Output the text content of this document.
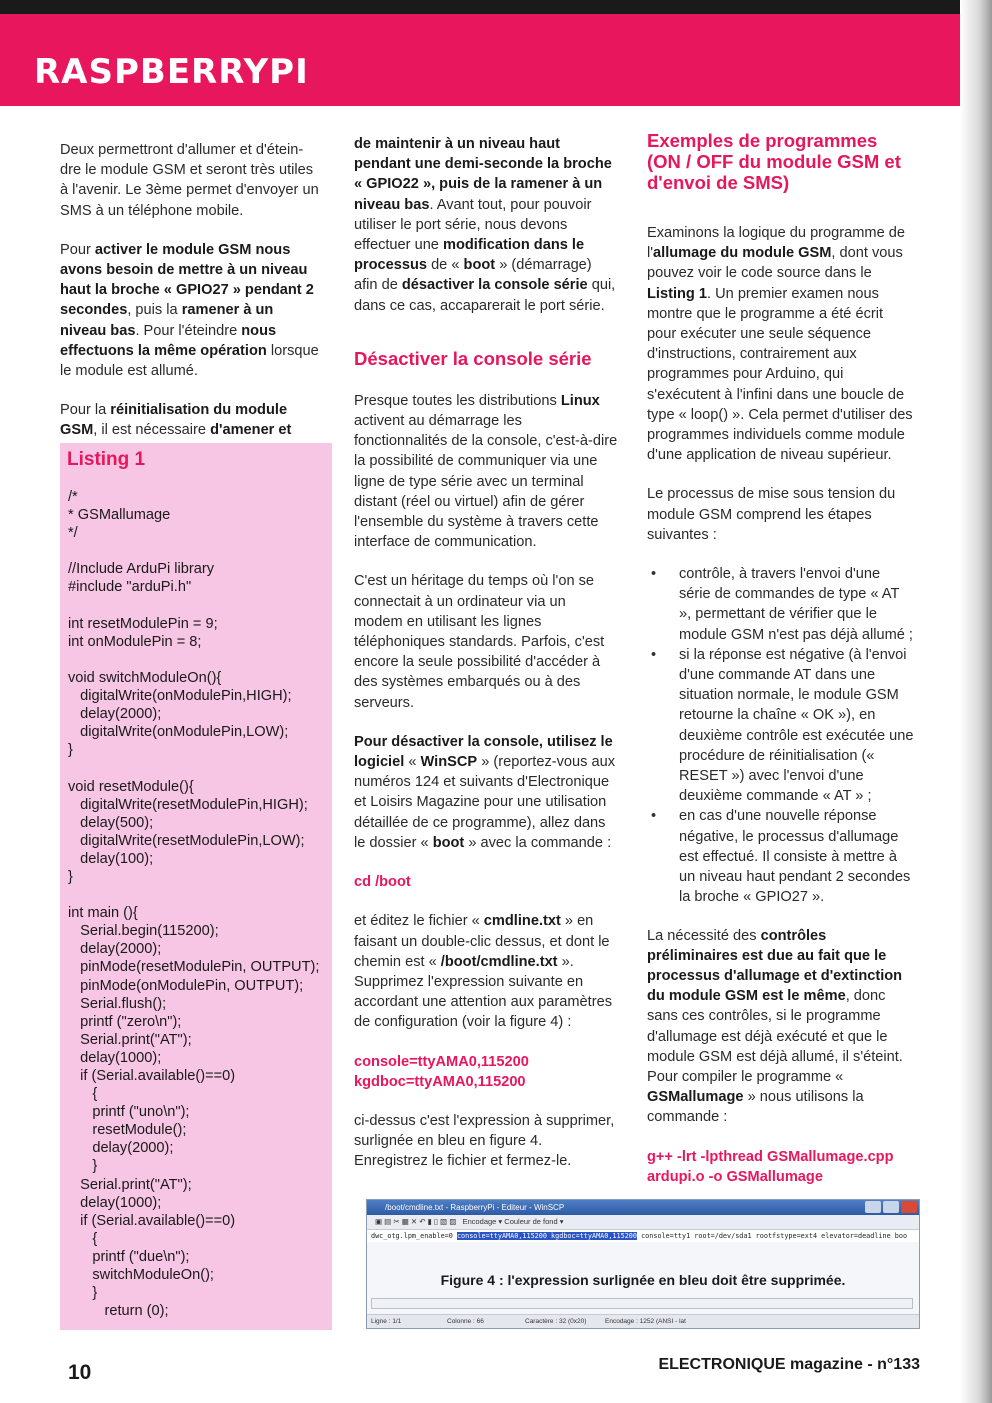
RASPBERRYPI

Deux permettront d'allumer et d'étein-dre le module GSM et seront très utiles à l'avenir. Le 3ème permet d'envoyer un SMS à un téléphone mobile.

Pour activer le module GSM nous avons besoin de mettre à un niveau haut la broche « GPIO27 » pendant 2 secondes, puis la ramener à un niveau bas. Pour l'éteindre nous effectuons la même opération lorsque le module est allumé.

Pour la réinitialisation du module GSM, il est nécessaire d'amener et

Listing 1
/*
* GSMallumage
*/

//Include ArduPi library
#include "arduPi.h"

int resetModulePin = 9;
int onModulePin = 8;

void switchModuleOn(){
digitalWrite(onModulePin,HIGH);
delay(2000);
digitalWrite(onModulePin,LOW);
}

void resetModule(){
digitalWrite(resetModulePin,HIGH);
delay(500);
digitalWrite(resetModulePin,LOW);
delay(100);
}

int main (){
Serial.begin(115200);
delay(2000);
pinMode(resetModulePin, OUTPUT);
pinMode(onModulePin, OUTPUT);
Serial.flush();
printf ("zero\n");
Serial.print("AT");
delay(1000);
if (Serial.available()==0)
{
printf ("uno\n");
resetModule();
delay(2000);
}
Serial.print("AT");
delay(1000);
if (Serial.available()==0)
{
printf ("due\n");
switchModuleOn();
}
return (0);

de maintenir à un niveau haut pendant une demi-seconde la broche « GPIO22 », puis de la ramener à un niveau bas. Avant tout, pour pouvoir utiliser le port série, nous devons effectuer une modification dans le processus de « boot » (démarrage) afin de désactiver la console série qui, dans ce cas, accaparerait le port série.

Désactiver la console série

Presque toutes les distributions Linux activent au démarrage les fonctionnalités de la console, c'est-à-dire la possibilité de communiquer via une ligne de type série avec un terminal distant (réel ou virtuel) afin de gérer l'ensemble du système à travers cette interface de communication.

C'est un héritage du temps où l'on se connectait à un ordinateur via un modem en utilisant les lignes téléphoniques standards. Parfois, c'est encore la seule possibilité d'accéder à des systèmes embarqués ou à des serveurs.

Pour désactiver la console, utilisez le logiciel « WinSCP » (reportez-vous aux numéros 124 et suivants d'Electronique et Loisirs Magazine pour une utilisation détaillée de ce programme), allez dans le dossier « boot » avec la commande :

cd /boot

et éditez le fichier « cmdline.txt » en faisant un double-clic dessus, et dont le chemin est « /boot/cmdline.txt ». Supprimez l'expression suivante en accordant une attention aux paramètres de configuration (voir la figure 4) :

console=ttyAMA0,115200 kgdboc=ttyAMA0,115200

ci-dessus c'est l'expression à supprimer, surlignée en bleu en figure 4. Enregistrez le fichier et fermez-le.

Exemples de programmes (ON / OFF du module GSM et d'envoi de SMS)

Examinons la logique du programme de l'allumage du module GSM, dont vous pouvez voir le code source dans le Listing 1. Un premier examen nous montre que le programme a été écrit pour exécuter une seule séquence d'instructions, contrairement aux programmes pour Arduino, qui s'exécutent à l'infini dans une boucle de type « loop() ». Cela permet d'utiliser des programmes individuels comme module d'une application de niveau supérieur.

Le processus de mise sous tension du module GSM comprend les étapes suivantes :

• contrôle, à travers l'envoi d'une série de commandes de type « AT », permettant de vérifier que le module GSM n'est pas déjà allumé ;
• si la réponse est négative (à l'envoi d'une commande AT dans une situation normale, le module GSM retourne la chaîne « OK »), en deuxième contrôle est exécutée une procédure de réinitialisation (« RESET ») avec l'envoi d'une deuxième commande « AT » ;
• en cas d'une nouvelle réponse négative, le processus d'allumage est effectué. Il consiste à mettre à un niveau haut pendant 2 secondes la broche « GPIO27 ».

La nécessité des contrôles préliminaires est due au fait que le processus d'allumage et d'extinction du module GSM est le même, donc sans ces contrôles, si le programme d'allumage est déjà exécuté et que le module GSM est déjà allumé, il s'éteint. Pour compiler le programme « GSMallumage » nous utilisons la commande :

g++ -lrt -lpthread GSMallumage.cpp ardupi.o -o GSMallumage

/boot/cmdline.txt - RaspberryPi - Editeur - WinSCP
▣ ▤ ✂ ▦ ✕ ↶ ▮ ▯ ▧ ▨   Encodage ▾ Couleur de fond ▾
dwc_otg.lpm_enable=0 console=ttyAMA0,115200 kgdboc=ttyAMA0,115200 console=tty1 root=/dev/sda1 rootfstype=ext4 elevator=deadline boo
Figure 4 : l'expression surlignée en bleu doit être supprimée.
Ligne : 1/1	Colonne : 66	Caractère : 32 (0x20)	Encodage : 1252 (ANSI - lat
10	ELECTRONIQUE magazine - n°133
